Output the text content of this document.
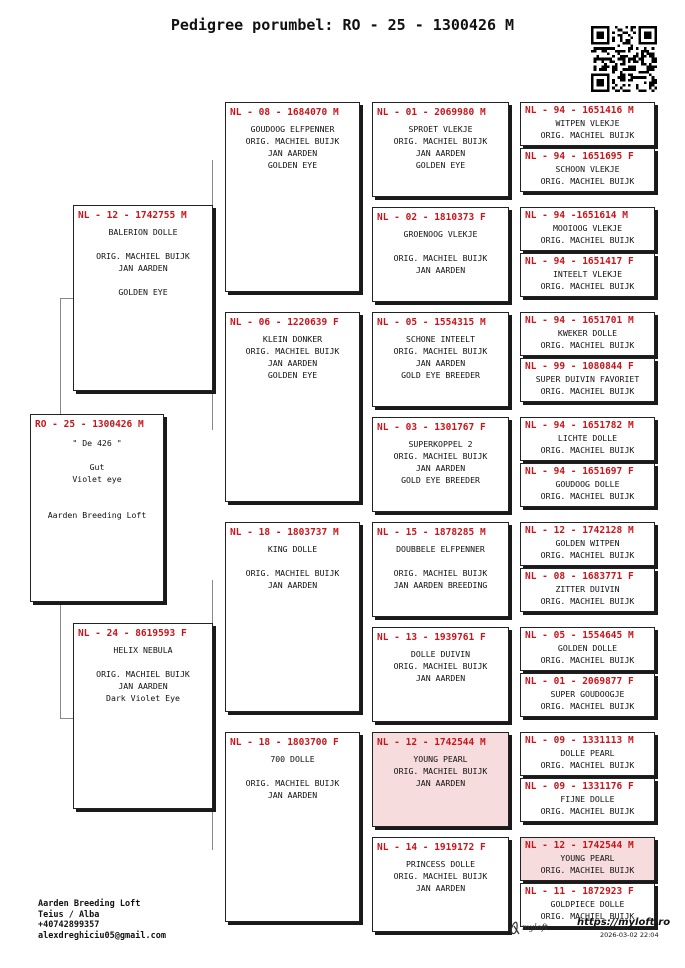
Pedigree porumbel: RO - 25 - 1300426 M
RO - 25 - 1300426 M
" De 426 "
Gut
Violet eye
Aarden Breeding Loft
NL - 12 - 1742755 M
BALERION DOLLE
ORIG. MACHIEL BUIJK
JAN AARDEN
GOLDEN EYE
NL - 24 - 8619593 F
HELIX NEBULA
ORIG. MACHIEL BUIJK
JAN AARDEN
Dark Violet Eye
NL - 08 - 1684070 M
GOUDOOG ELFPENNER
ORIG. MACHIEL BUIJK
JAN AARDEN
GOLDEN EYE
NL - 06 - 1220639 F
KLEIN DONKER
ORIG. MACHIEL BUIJK
JAN AARDEN
GOLDEN EYE
NL - 18 - 1803737 M
KING DOLLE
ORIG. MACHIEL BUIJK
JAN AARDEN
NL - 18 - 1803700 F
700 DOLLE
ORIG. MACHIEL BUIJK
JAN AARDEN
NL - 01 - 2069980 M
SPROET VLEKJE
ORIG. MACHIEL BUIJK
JAN AARDEN
GOLDEN EYE
NL - 02 - 1810373 F
GROENOOG VLEKJE
ORIG. MACHIEL BUIJK
JAN AARDEN
NL - 05 - 1554315 M
SCHONE INTEELT
ORIG. MACHIEL BUIJK
JAN AARDEN
GOLD EYE BREEDER
NL - 03 - 1301767 F
SUPERKOPPEL 2
ORIG. MACHIEL BUIJK
JAN AARDEN
GOLD EYE BREEDER
NL - 15 - 1878285 M
DOUBBELE ELFPENNER
ORIG. MACHIEL BUIJK
JAN AARDEN BREEDING
NL - 13 - 1939761 F
DOLLE DUIVIN
ORIG. MACHIEL BUIJK
JAN AARDEN
NL - 12 - 1742544 M
YOUNG PEARL
ORIG. MACHIEL BUIJK
JAN AARDEN
NL - 14 - 1919172 F
PRINCESS DOLLE
ORIG. MACHIEL BUIJK
JAN AARDEN
NL - 94 - 1651416 M
WITPEN VLEKJE
ORIG. MACHIEL BUIJK
NL - 94 - 1651695 F
SCHOON VLEKJE
ORIG. MACHIEL BUIJK
NL - 94 -1651614 M
MOOIOOG VLEKJE
ORIG. MACHIEL BUIJK
NL - 94 - 1651417 F
INTEELT VLEKJE
ORIG. MACHIEL BUIJK
NL - 94 - 1651701 M
KWEKER DOLLE
ORIG. MACHIEL BUIJK
NL - 99 - 1080844 F
SUPER DUIVIN FAVORIET
ORIG. MACHIEL BUIJK
NL - 94 - 1651782 M
LICHTE DOLLE
ORIG. MACHIEL BUIJK
NL - 94 - 1651697 F
GOUDOOG DOLLE
ORIG. MACHIEL BUIJK
NL - 12 - 1742128 M
GOLDEN WITPEN
ORIG. MACHIEL BUIJK
NL - 08 - 1683771 F
ZITTER DUIVIN
ORIG. MACHIEL BUIJK
NL - 05 - 1554645 M
GOLDEN DOLLE
ORIG. MACHIEL BUIJK
NL - 01 - 2069877 F
SUPER GOUDOOGJE
ORIG. MACHIEL BUIJK
NL - 09 - 1331113 M
DOLLE PEARL
ORIG. MACHIEL BUIJK
NL - 09 - 1331176 F
FIJNE DOLLE
ORIG. MACHIEL BUIJK
NL - 12 - 1742544 M
YOUNG PEARL
ORIG. MACHIEL BUIJK
NL - 11 - 1872923 F
GOLDPIECE DOLLE
ORIG. MACHIEL BUIJK
Aarden Breeding Loft
Teius / Alba
+40742899357
alexdreghiciu05@gmail.com
myloft	https://myloft.ro
2026-03-02 22:04
